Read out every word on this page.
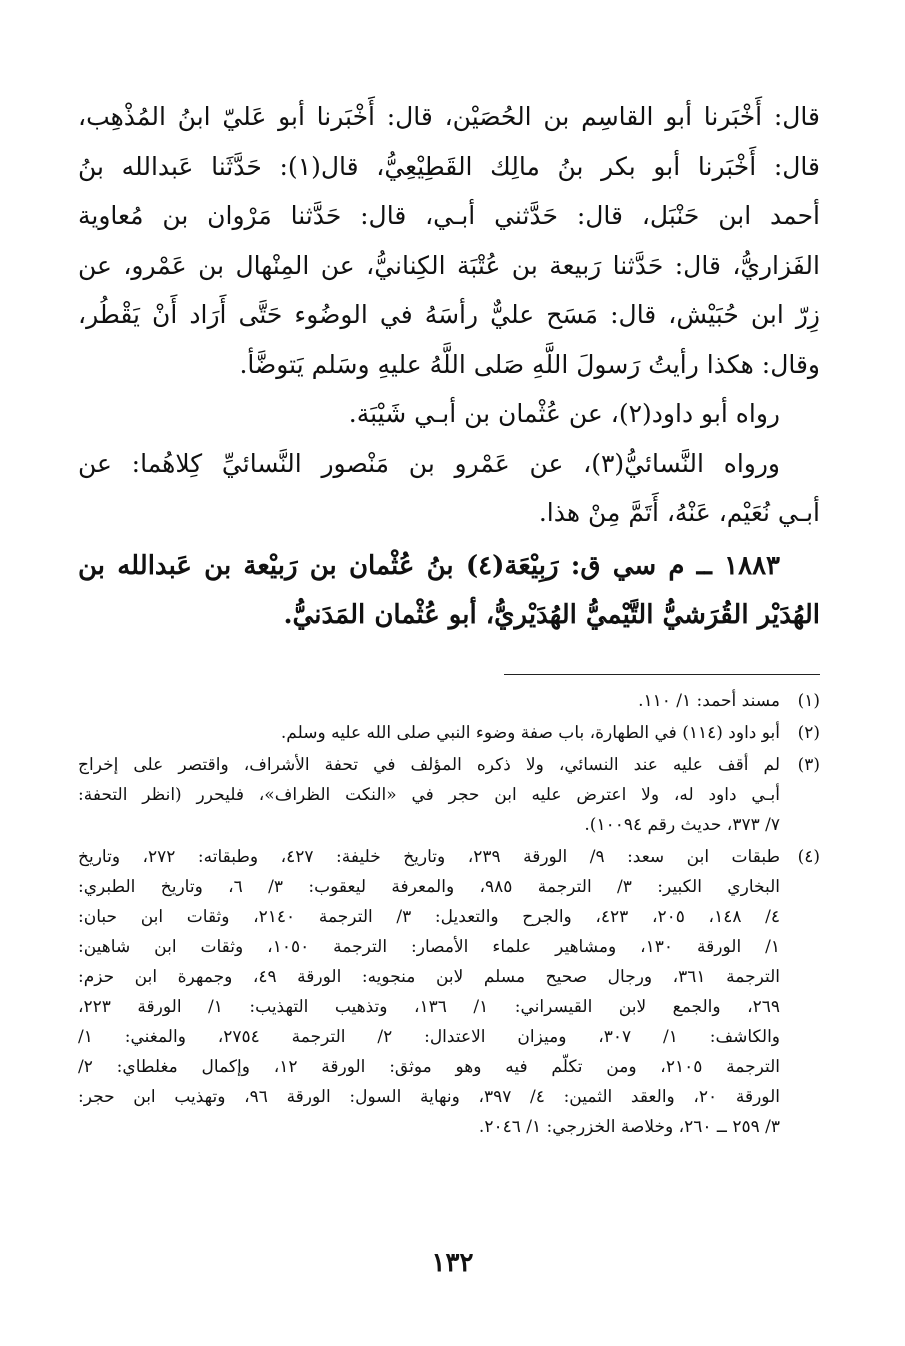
قال: أَخْبَرنا أبو القاسِم بن الحُصَيْن، قال: أَخْبَرنا أبو عَليّ ابنُ المُذْهِب،
قال: أَخْبَرنا أبو بكر بنُ مالِك القَطِيْعِيُّ، قال(١): حَدَّثَنا عَبدالله بنُ
أحمد ابن حَنْبَل، قال: حَدَّثني أبـي، قال: حَدَّثنا مَرْوان بن مُعاوية
الفَزاريُّ، قال: حَدَّثنا رَبيعة بن عُتْبَة الكِنانيُّ، عن المِنْهال بن عَمْرو، عن
زِرّ ابن حُبَيْش، قال: مَسَح عليٌّ رأسَهُ في الوضُوء حَتَّى أَرَاد أَنْ يَقْطُر،
وقال: هكذا رأيتُ رَسولَ اللَّهِ صَلى اللَّهُ عليهِ وسَلم يَتوضَّأ.
رواه أبو داود(٢)، عن عُثْمان بن أبـي شَيْبَة.
ورواه النَّسائيُّ(٣)، عن عَمْرو بن مَنْصور النَّسائيِّ كِلاهُما: عن
أبـي نُعَيْم، عَنْهُ، أَتَمَّ مِنْ هذا.
١٨٨٣ ــ م سي ق: رَبِيْعَة(٤) بنُ عُثْمان بن رَبيْعة بن عَبدالله بن
الهُدَيْر القُرَشيُّ التَّيْميُّ الهُدَيْريُّ، أبو عُثْمان المَدَنيُّ.
(١)
مسند أحمد: ١/ ١١٠.
(٢)
أبو داود (١١٤) في الطهارة، باب صفة وضوء النبي صلى الله عليه وسلم.
(٣)
لم أقف عليه عند النسائي، ولا ذكره المؤلف في تحفة الأشراف، واقتصر على إخراج
أبـي داود له، ولا اعترض عليه ابن حجر في «النكت الظراف»، فليحرر (انظر التحفة:
٧/ ٣٧٣، حديث رقم ١٠٠٩٤).
(٤)
طبقات ابن سعد: ٩/ الورقة ٢٣٩، وتاريخ خليفة: ٤٢٧، وطبقاته: ٢٧٢، وتاريخ
البخاري الكبير: ٣/ الترجمة ٩٨٥، والمعرفة ليعقوب: ٣/ ٦، وتاريخ الطبري:
٤/ ١٤٨، ٢٠٥، ٤٢٣، والجرح والتعديل: ٣/ الترجمة ٢١٤٠، وثقات ابن حبان:
١/ الورقة ١٣٠، ومشاهير علماء الأمصار: الترجمة ١٠٥٠، وثقات ابن شاهين:
الترجمة ٣٦١، ورجال صحيح مسلم لابن منجويه: الورقة ٤٩، وجمهرة ابن حزم:
٢٦٩، والجمع لابن القيسراني: ١/ ١٣٦، وتذهيب التهذيب: ١/ الورقة ٢٢٣،
والكاشف: ١/ ٣٠٧، وميزان الاعتدال: ٢/ الترجمة ٢٧٥٤، والمغني: ١/
الترجمة ٢١٠٥، ومن تكلّم فيه وهو موثق: الورقة ١٢، وإكمال مغلطاي: ٢/
الورقة ٢٠، والعقد الثمين: ٤/ ٣٩٧، ونهاية السول: الورقة ٩٦، وتهذيب ابن حجر:
٣/ ٢٥٩ ــ ٢٦٠، وخلاصة الخزرجي: ١/ ٢٠٤٦.
١٣٢
